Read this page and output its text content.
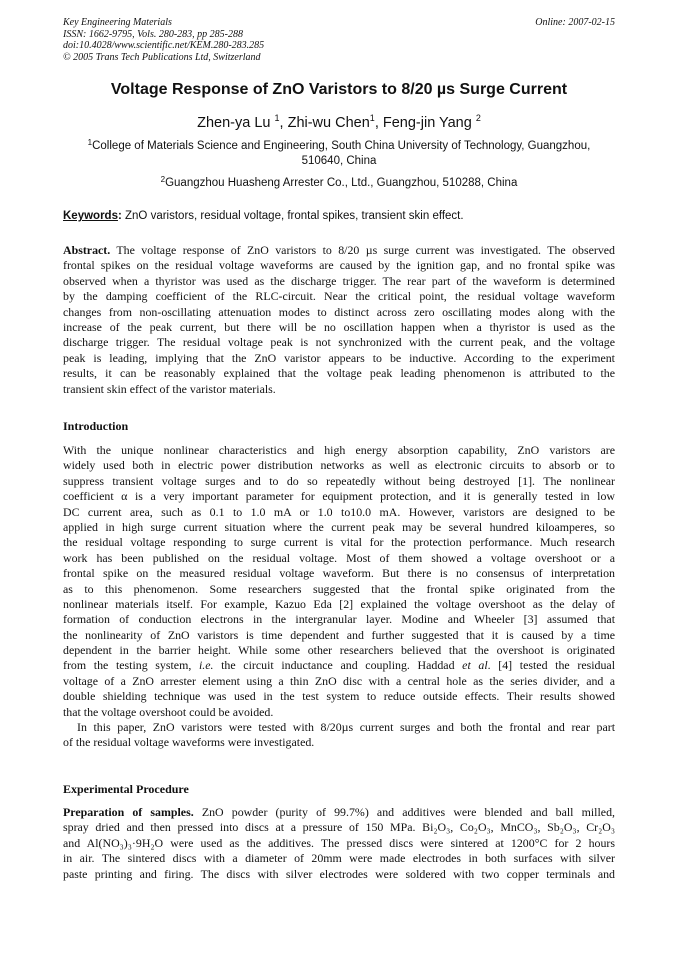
Key Engineering Materials
ISSN: 1662-9795, Vols. 280-283, pp 285-288
doi:10.4028/www.scientific.net/KEM.280-283.285
© 2005 Trans Tech Publications Ltd, Switzerland
Online: 2007-02-15
Voltage Response of ZnO Varistors to 8/20 µs Surge Current
Zhen-ya Lu $^1$, Zhi-wu Chen$^1$, Feng-jin Yang $^2$
$^1$College of Materials Science and Engineering, South China University of Technology, Guangzhou,
510640, China
$^2$Guangzhou Huasheng Arrester Co., Ltd., Guangzhou, 510288, China
Keywords: ZnO varistors, residual voltage, frontal spikes, transient skin effect.
Abstract. The voltage response of ZnO varistors to 8/20 µs surge current was investigated. The observed
frontal spikes on the residual voltage waveforms are caused by the ignition gap, and no frontal spike was
observed when a thyristor was used as the discharge trigger. The rear part of the waveform is determined
by the damping coefficient of the RLC-circuit. Near the critical point, the residual voltage waveform
changes from non-oscillating attenuation modes to distinct across zero oscillating modes along with the
increase of the peak current, but there will be no oscillation happen when a thyristor is used as the
discharge trigger. The residual voltage peak is not synchronized with the current peak, and the voltage
peak is leading, implying that the ZnO varistor appears to be inductive. According to the experiment
results, it can be reasonably explained that the voltage peak leading phenomenon is attributed to the
transient skin effect of the varistor materials.
Introduction
With the unique nonlinear characteristics and high energy absorption capability, ZnO varistors are
widely used both in electric power distribution networks as well as electronic circuits to absorb or to
suppress transient voltage surges and to do so repeatedly without being destroyed [1]. The nonlinear
coefficient α is a very important parameter for equipment protection, and it is generally tested in low
DC current area, such as 0.1 to 1.0 mA or 1.0 to10.0 mA. However, varistors are designed to be
applied in high surge current situation where the current peak may be several hundred kiloamperes, so
the residual voltage responding to surge current is vital for the protection performance. Much research
work has been published on the residual voltage. Most of them showed a voltage overshoot or a
frontal spike on the measured residual voltage waveform. But there is no consensus of interpretation
as to this phenomenon. Some researchers suggested that the frontal spike originated from the
nonlinear materials itself. For example, Kazuo Eda [2] explained the voltage overshoot as the delay of
formation of conduction electrons in the intergranular layer. Modine and Wheeler [3] assumed that
the nonlinearity of ZnO varistors is time dependent and further suggested that it is caused by a time
dependent in the barrier height. While some other researchers believed that the overshoot is originated
from the testing system, i.e. the circuit inductance and coupling. Haddad et al. [4] tested the residual
voltage of a ZnO arrester element using a thin ZnO disc with a central hole as the series divider, and a
double shielding technique was used in the test system to reduce outside effects. Their results showed
that the voltage overshoot could be avoided.
In this paper, ZnO varistors were tested with 8/20µs current surges and both the frontal and rear part
of the residual voltage waveforms were investigated.
Experimental Procedure
Preparation of samples. ZnO powder (purity of 99.7%) and additives were blended and ball milled,
spray dried and then pressed into discs at a pressure of 150 MPa. Bi₂O₃, Co₂O₃, MnCO₃, Sb₂O₃, Cr₂O₃
and Al(NO₃)₃·9H₂O were used as the additives. The pressed discs were sintered at 1200°C for 2 hours
in air. The sintered discs with a diameter of 20mm were made electrodes in both surfaces with silver
paste printing and firing. The discs with silver electrodes were soldered with two copper terminals and
